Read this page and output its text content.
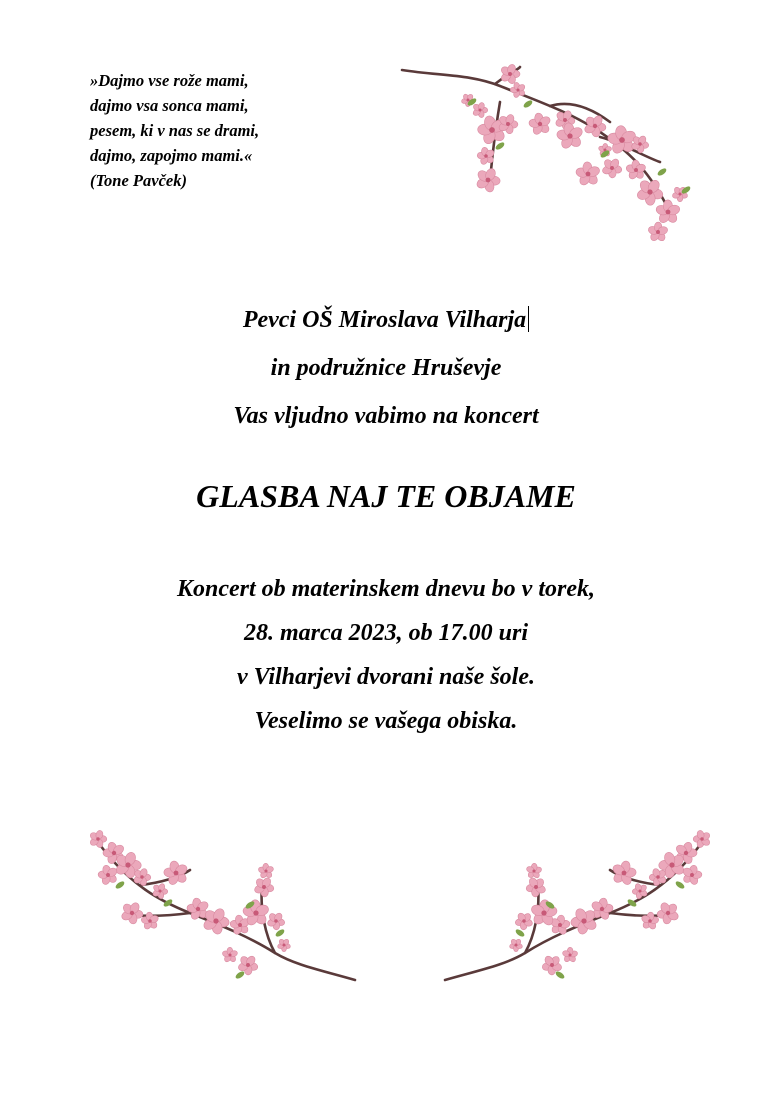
»Dajmo vse rože mami,
dajmo vsa sonca mami,
pesem, ki v nas se drami,
dajmo, zapojmo mami.«
(Tone Pavček)
Pevci OŠ Miroslava Vilharja
in podružnice Hruševje
Vas vljudno vabimo na koncert
GLASBA NAJ TE OBJAME
Koncert ob materinskem dnevu bo v torek,
28. marca 2023, ob 17.00 uri
v Vilharjevi dvorani naše šole.
Veselimo se vašega obiska.
